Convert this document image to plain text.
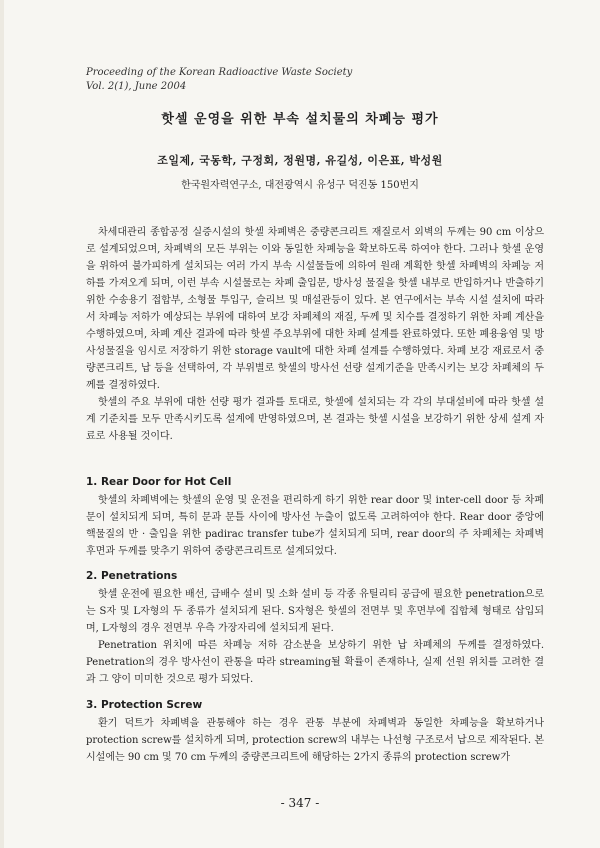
Proceeding of the Korean Radioactive Waste Society
Vol. 2(1), June 2004
핫셀 운영을 위한 부속 설치물의 차폐능 평가
조일제, 국동학, 구정회, 정원명, 유길성, 이은표, 박성원
한국원자력연구소, 대전광역시 유성구 덕진동 150번지

차세대관리 종합공정 실증시설의 핫셀 차폐벽은 중량콘크리트 재질로서 외벽의 두께는 90 cm 이상으로 설계되었으며, 차폐벽의 모든 부위는 이와 동일한 차폐능을 확보하도록 하여야 한다. 그러나 핫셀 운영을 위하여 불가피하게 설치되는 여러 가지 부속 시설물들에 의하여 원래 계획한 핫셀 차폐벽의 차폐능 저하를 가져오게 되며, 이런 부속 시설물로는 차폐 출입문, 방사성 물질을 핫셀 내부로 반입하거나 반출하기 위한 수송용기 접합부, 소형물 투입구, 슬리브 및 매설관등이 있다. 본 연구에서는 부속 시설 설치에 따라서 차폐능 저하가 예상되는 부위에 대하여 보강 차폐체의 재질, 두께 및 치수를 결정하기 위한 차폐 계산을 수행하였으며, 차폐 계산 결과에 따라 핫셀 주요부위에 대한 차폐 설계를 완료하였다. 또한 폐용융염 및 방사성물질을 임시로 저장하기 위한 storage vault에 대한 차폐 설계를 수행하였다. 차폐 보강 재료로서 중량콘크리트, 납 등을 선택하여, 각 부위별로 핫셀의 방사선 선량 설계기준을 만족시키는 보강 차폐체의 두께를 결정하였다.

핫셀의 주요 부위에 대한 선량 평가 결과를 토대로, 핫셀에 설치되는 각 각의 부대설비에 따라 핫셀 설계 기준치를 모두 만족시키도록 설계에 반영하였으며, 본 결과는 핫셀 시설을 보강하기 위한 상세 설계 자료로 사용될 것이다.

1. Rear Door for Hot Cell

핫셀의 차폐벽에는 핫셀의 운영 및 운전을 편리하게 하기 위한 rear door 및 inter-cell door 등 차폐문이 설치되게 되며, 특히 문과 문틀 사이에 방사선 누출이 없도록 고려하여야 한다. Rear door 중앙에 핵물질의 반 · 출입을 위한 padirac transfer tube가 설치되게 되며, rear door의 주 차폐체는 차폐벽 후면과 두께를 맞추기 위하여 중량콘크리트로 설계되었다.

2. Penetrations

핫셀 운전에 필요한 배선, 급배수 설비 및 소화 설비 등 각종 유틸리티 공급에 필요한 penetration으로는 S자 및 L자형의 두 종류가 설치되게 된다. S자형은 핫셀의 전면부 및 후면부에 집합체 형태로 삽입되며, L자형의 경우 전면부 우측 가장자리에 설치되게 된다.

Penetration 위치에 따른 차폐능 저하 감소분을 보상하기 위한 납 차폐체의 두께를 결정하였다. Penetration의 경우 방사선이 관통을 따라 streaming될 확률이 존재하나, 실제 선원 위치를 고려한 결과 그 양이 미미한 것으로 평가 되었다.

3. Protection Screw

환기 덕트가 차폐벽을 관통해야 하는 경우 관통 부분에 차폐벽과 동일한 차폐능을 확보하거나 protection screw를 설치하게 되며, protection screw의 내부는 나선형 구조로서 납으로 제작된다. 본 시설에는 90 cm 및 70 cm 두께의 중량콘크리트에 해당하는 2가지 종류의 protection screw가

- 347 -
